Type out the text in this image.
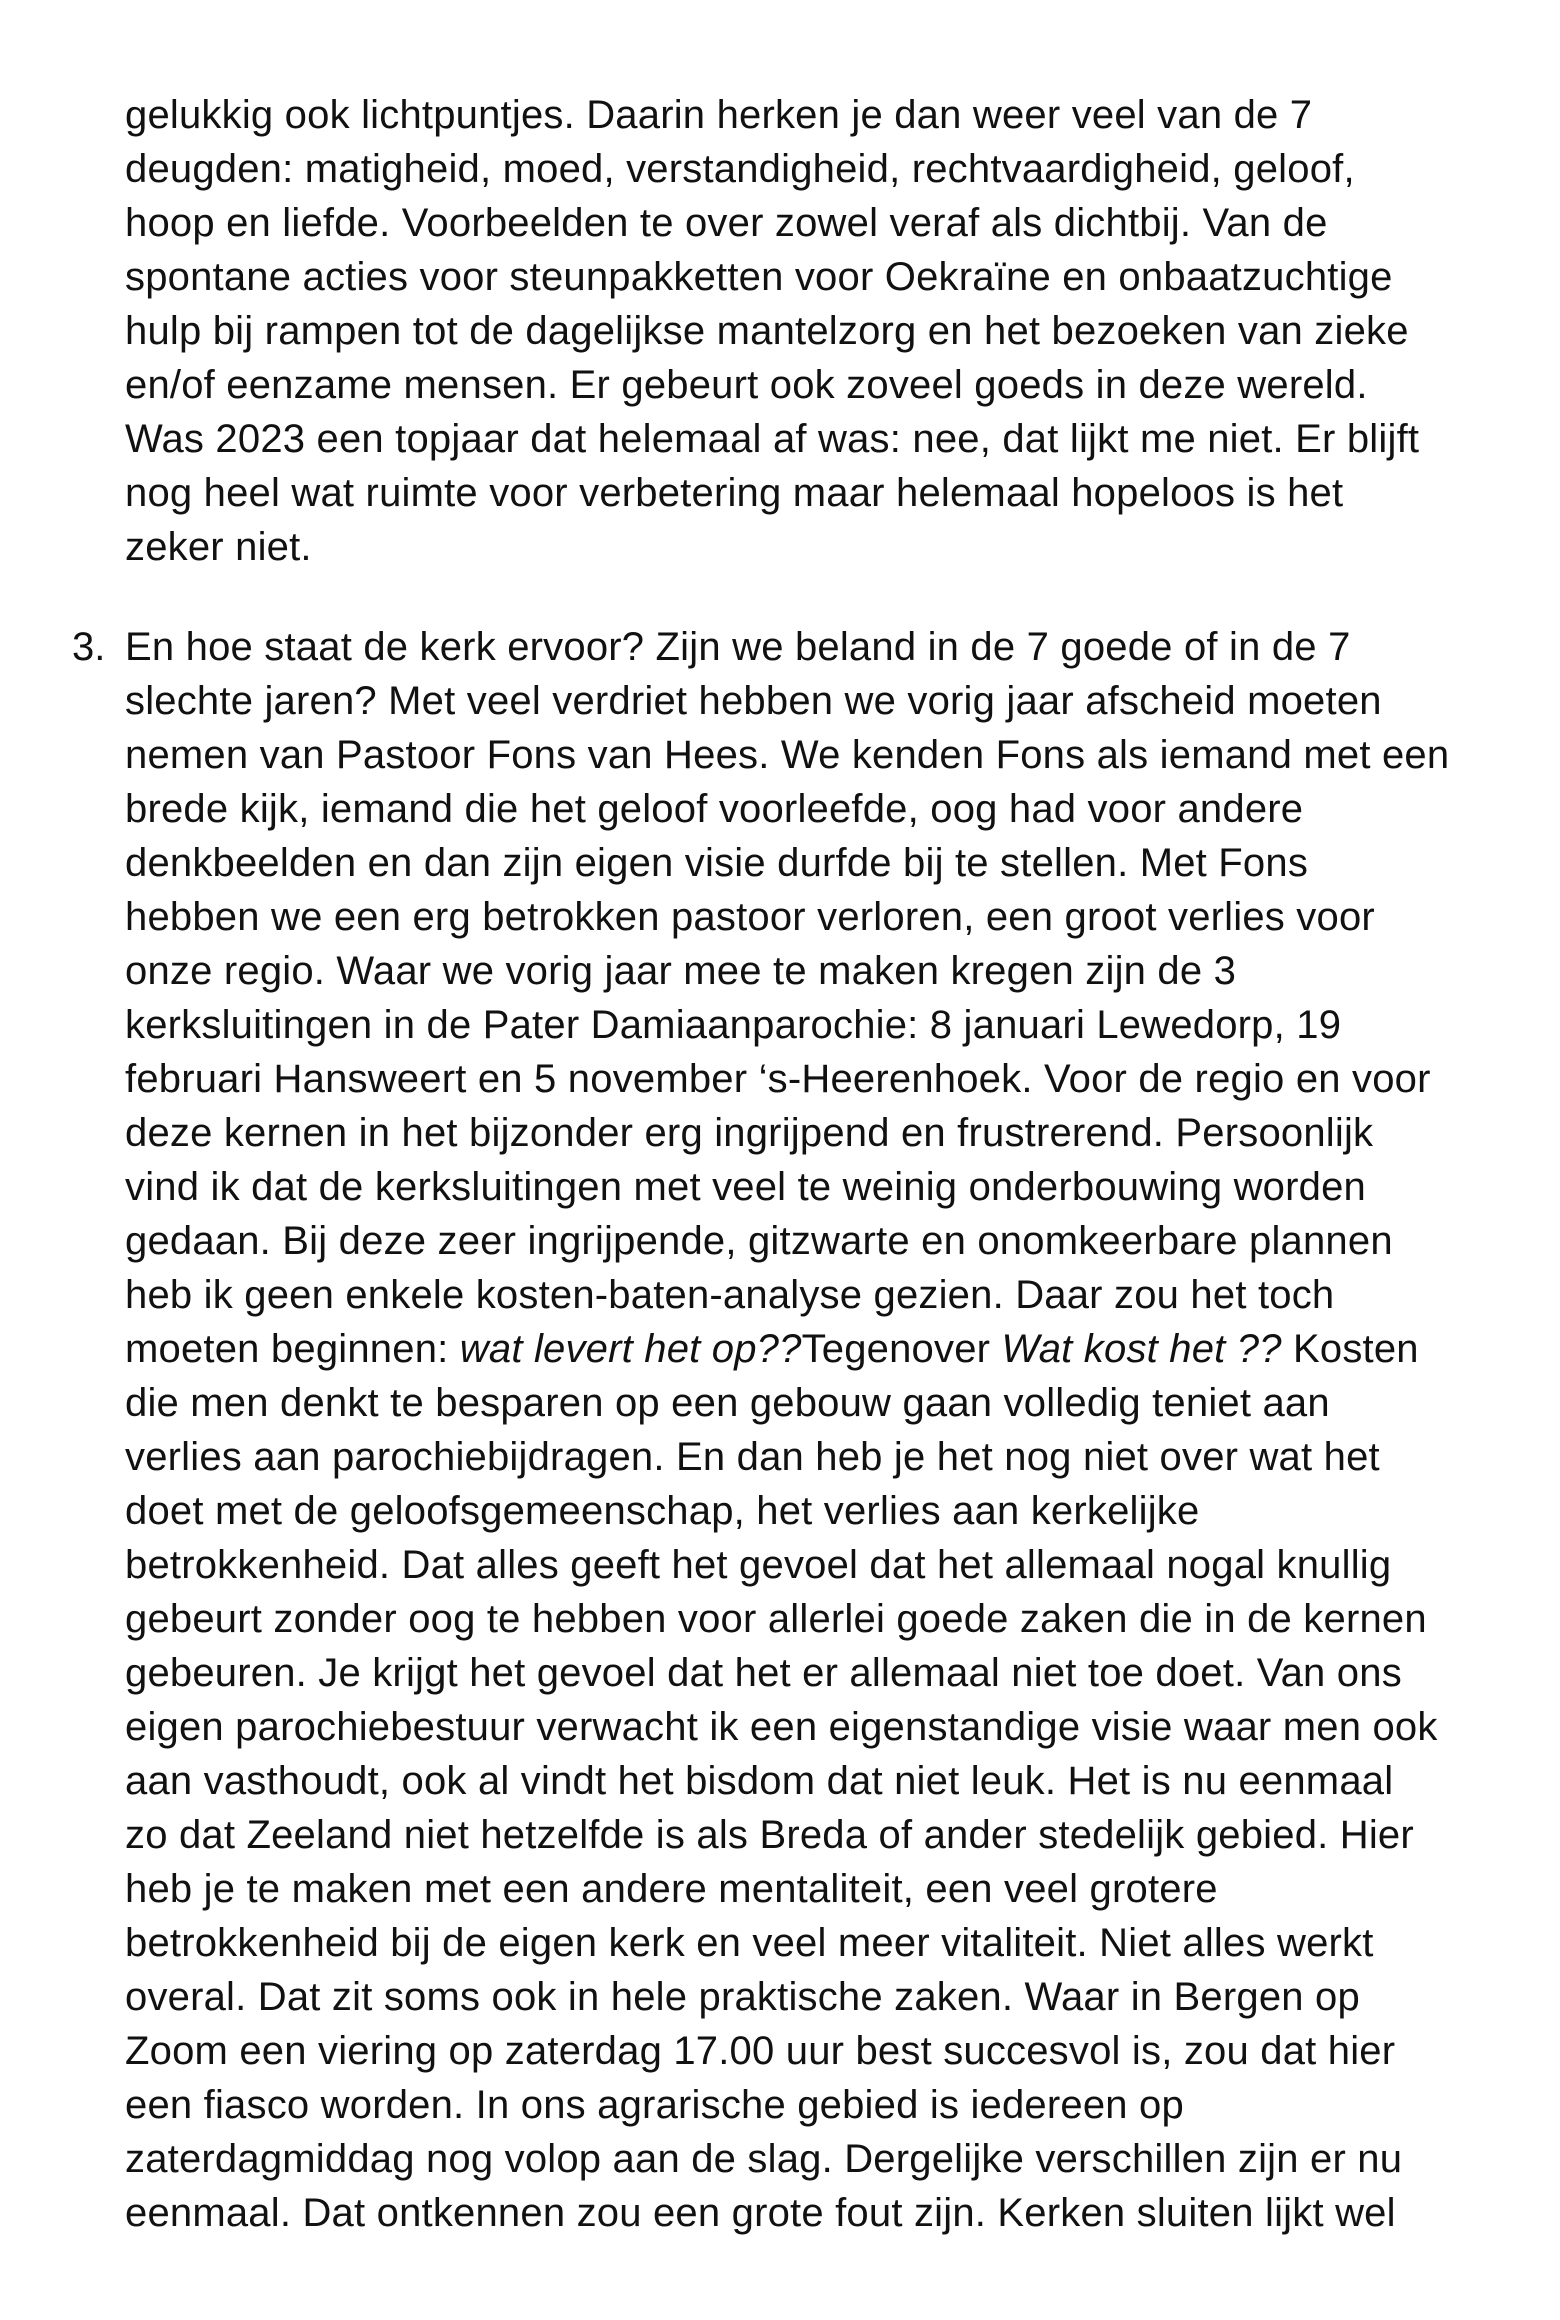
gelukkig ook lichtpuntjes. Daarin herken je dan weer veel van de 7
deugden: matigheid, moed, verstandigheid, rechtvaardigheid, geloof,
hoop en liefde. Voorbeelden te over zowel veraf als dichtbij. Van de
spontane acties voor steunpakketten voor Oekraïne en onbaatzuchtige
hulp bij rampen tot de dagelijkse mantelzorg en het bezoeken van zieke
en/of eenzame mensen. Er gebeurt ook zoveel goeds in deze wereld.
Was 2023 een topjaar dat helemaal af was: nee, dat lijkt me niet. Er blijft
nog heel wat ruimte voor verbetering maar helemaal hopeloos is het
zeker niet.
3. En hoe staat de kerk ervoor? Zijn we beland in de 7 goede of in de 7
slechte jaren? Met veel verdriet hebben we vorig jaar afscheid moeten
nemen van Pastoor Fons van Hees. We kenden Fons als iemand met een
brede kijk, iemand die het geloof voorleefde, oog had voor andere
denkbeelden en dan zijn eigen visie durfde bij te stellen. Met Fons
hebben we een erg betrokken pastoor verloren, een groot verlies voor
onze regio. Waar we vorig jaar mee te maken kregen zijn de 3
kerksluitingen in de Pater Damiaanparochie: 8 januari Lewedorp, 19
februari Hansweert en 5 november ‘s-Heerenhoek. Voor de regio en voor
deze kernen in het bijzonder erg ingrijpend en frustrerend. Persoonlijk
vind ik dat de kerksluitingen met veel te weinig onderbouwing worden
gedaan. Bij deze zeer ingrijpende, gitzwarte en onomkeerbare plannen
heb ik geen enkele kosten-baten-analyse gezien. Daar zou het toch
moeten beginnen: wat levert het op??Tegenover Wat kost het ?? Kosten
die men denkt te besparen op een gebouw gaan volledig teniet aan
verlies aan parochiebijdragen. En dan heb je het nog niet over wat het
doet met de geloofsgemeenschap, het verlies aan kerkelijke
betrokkenheid. Dat alles geeft het gevoel dat het allemaal nogal knullig
gebeurt zonder oog te hebben voor allerlei goede zaken die in de kernen
gebeuren. Je krijgt het gevoel dat het er allemaal niet toe doet. Van ons
eigen parochiebestuur verwacht ik een eigenstandige visie waar men ook
aan vasthoudt, ook al vindt het bisdom dat niet leuk. Het is nu eenmaal
zo dat Zeeland niet hetzelfde is als Breda of ander stedelijk gebied. Hier
heb je te maken met een andere mentaliteit, een veel grotere
betrokkenheid bij de eigen kerk en veel meer vitaliteit. Niet alles werkt
overal. Dat zit soms ook in hele praktische zaken. Waar in Bergen op
Zoom een viering op zaterdag 17.00 uur best succesvol is, zou dat hier
een fiasco worden. In ons agrarische gebied is iedereen op
zaterdagmiddag nog volop aan de slag. Dergelijke verschillen zijn er nu
eenmaal. Dat ontkennen zou een grote fout zijn. Kerken sluiten lijkt wel
